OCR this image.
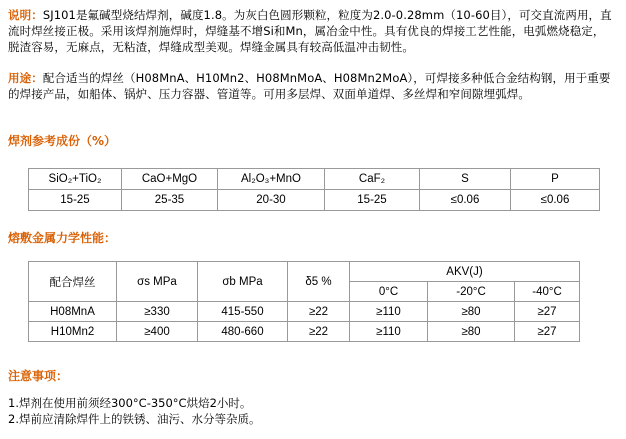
说明：SJ101是氟碱型烧结焊剂，碱度1.8。为灰白色圆形颗粒，粒度为2.0-0.28mm（10-60目），可交直流两用，直流时焊丝接正极。采用该焊剂施焊时，焊缝基不增Si和Mn，属冶金中性。具有优良的焊接工艺性能，电弧燃烧稳定，脱渣容易，无麻点，无粘渣，焊缝成型美观。焊缝金属具有较高低温冲击韧性。
用途：配合适当的焊丝（H08MnA、H10Mn2、H08MnMoA、H08Mn2MoA），可焊接多种低合金结构钢，用于重要的焊接产品，如船体、锅炉、压力容器、管道等。可用多层焊、双面单道焊、多丝焊和窄间隙埋弧焊。
焊剂参考成份（%）
SiO₂+TiO₂	CaO+MgO	Al₂O₃+MnO	CaF₂	S	P
15-25	25-35	20-30	15-25	≤0.06	≤0.06
熔敷金属力学性能：
配合焊丝	σs MPa	σb MPa	δ5 %	AKV(J)		
				0°C	-20°C	-40°C
H08MnA	≥330	415-550	≥22	≥110	≥80	≥27
H10Mn2	≥400	480-660	≥22	≥110	≥80	≥27
注意事项：
1.焊剂在使用前须经300°C-350°C烘焙2小时。
2.焊前应清除焊件上的铁锈、油污、水分等杂质。
